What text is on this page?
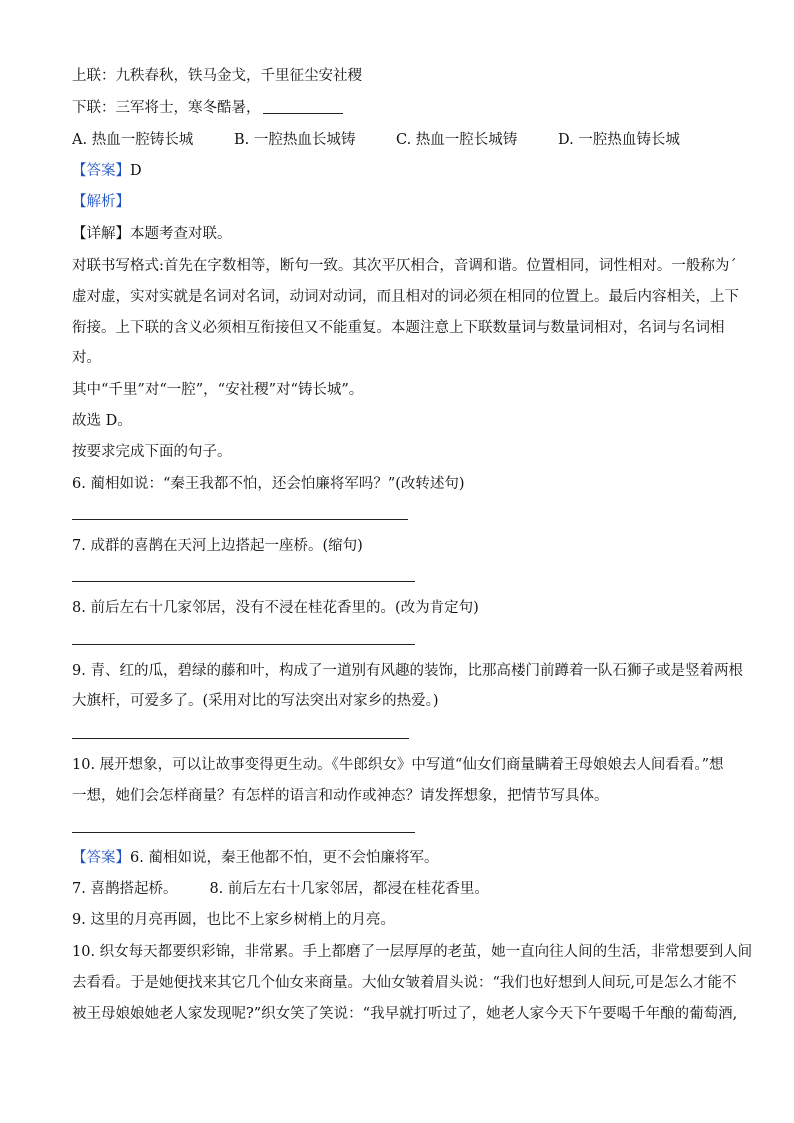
上联：九秩春秋，铁马金戈，千里征尘安社稷
下联：三军将士，寒冬酷暑，
A. 热血一腔铸长城	B. 一腔热血长城铸	C. 热血一腔长城铸	D. 一腔热血铸长城
【答案】D
【解析】
【详解】本题考查对联。
对联书写格式:首先在字数相等，断句一致。其次平仄相合，音调和谐。位置相同，词性相对。一般称为ˊ
虚对虚，实对实就是名词对名词，动词对动词，而且相对的词必须在相同的位置上。最后内容相关，上下
衔接。上下联的含义必须相互衔接但又不能重复。本题注意上下联数量词与数量词相对，名词与名词相
对。
其中“千里”对“一腔”，“安社稷”对“铸长城”。
故选 D。
按要求完成下面的句子。
6. 蔺相如说：“秦王我都不怕，还会怕廉将军吗？”(改转述句)
7. 成群的喜鹊在天河上边搭起一座桥。(缩句)
8. 前后左右十几家邻居，没有不浸在桂花香里的。(改为肯定句)
9. 青、红的瓜，碧绿的藤和叶，构成了一道别有风趣的装饰，比那高楼门前蹲着一队石狮子或是竖着两根
大旗杆，可爱多了。(采用对比的写法突出对家乡的热爱。)
10. 展开想象，可以让故事变得更生动。《牛郎织女》中写道“仙女们商量瞒着王母娘娘去人间看看。”想
一想，她们会怎样商量？有怎样的语言和动作或神态？请发挥想象，把情节写具体。
【答案】6. 蔺相如说，秦王他都不怕，更不会怕廉将军。
7. 喜鹊搭起桥。 8. 前后左右十几家邻居，都浸在桂花香里。
9. 这里的月亮再圆，也比不上家乡树梢上的月亮。
10. 织女每天都要织彩锦，非常累。手上都磨了一层厚厚的老茧，她一直向往人间的生活，非常想要到人间
去看看。于是她便找来其它几个仙女来商量。大仙女皱着眉头说：“我们也好想到人间玩,可是怎么才能不
被王母娘娘她老人家发现呢?”织女笑了笑说：“我早就打听过了，她老人家今天下午要喝千年酿的葡萄酒,
